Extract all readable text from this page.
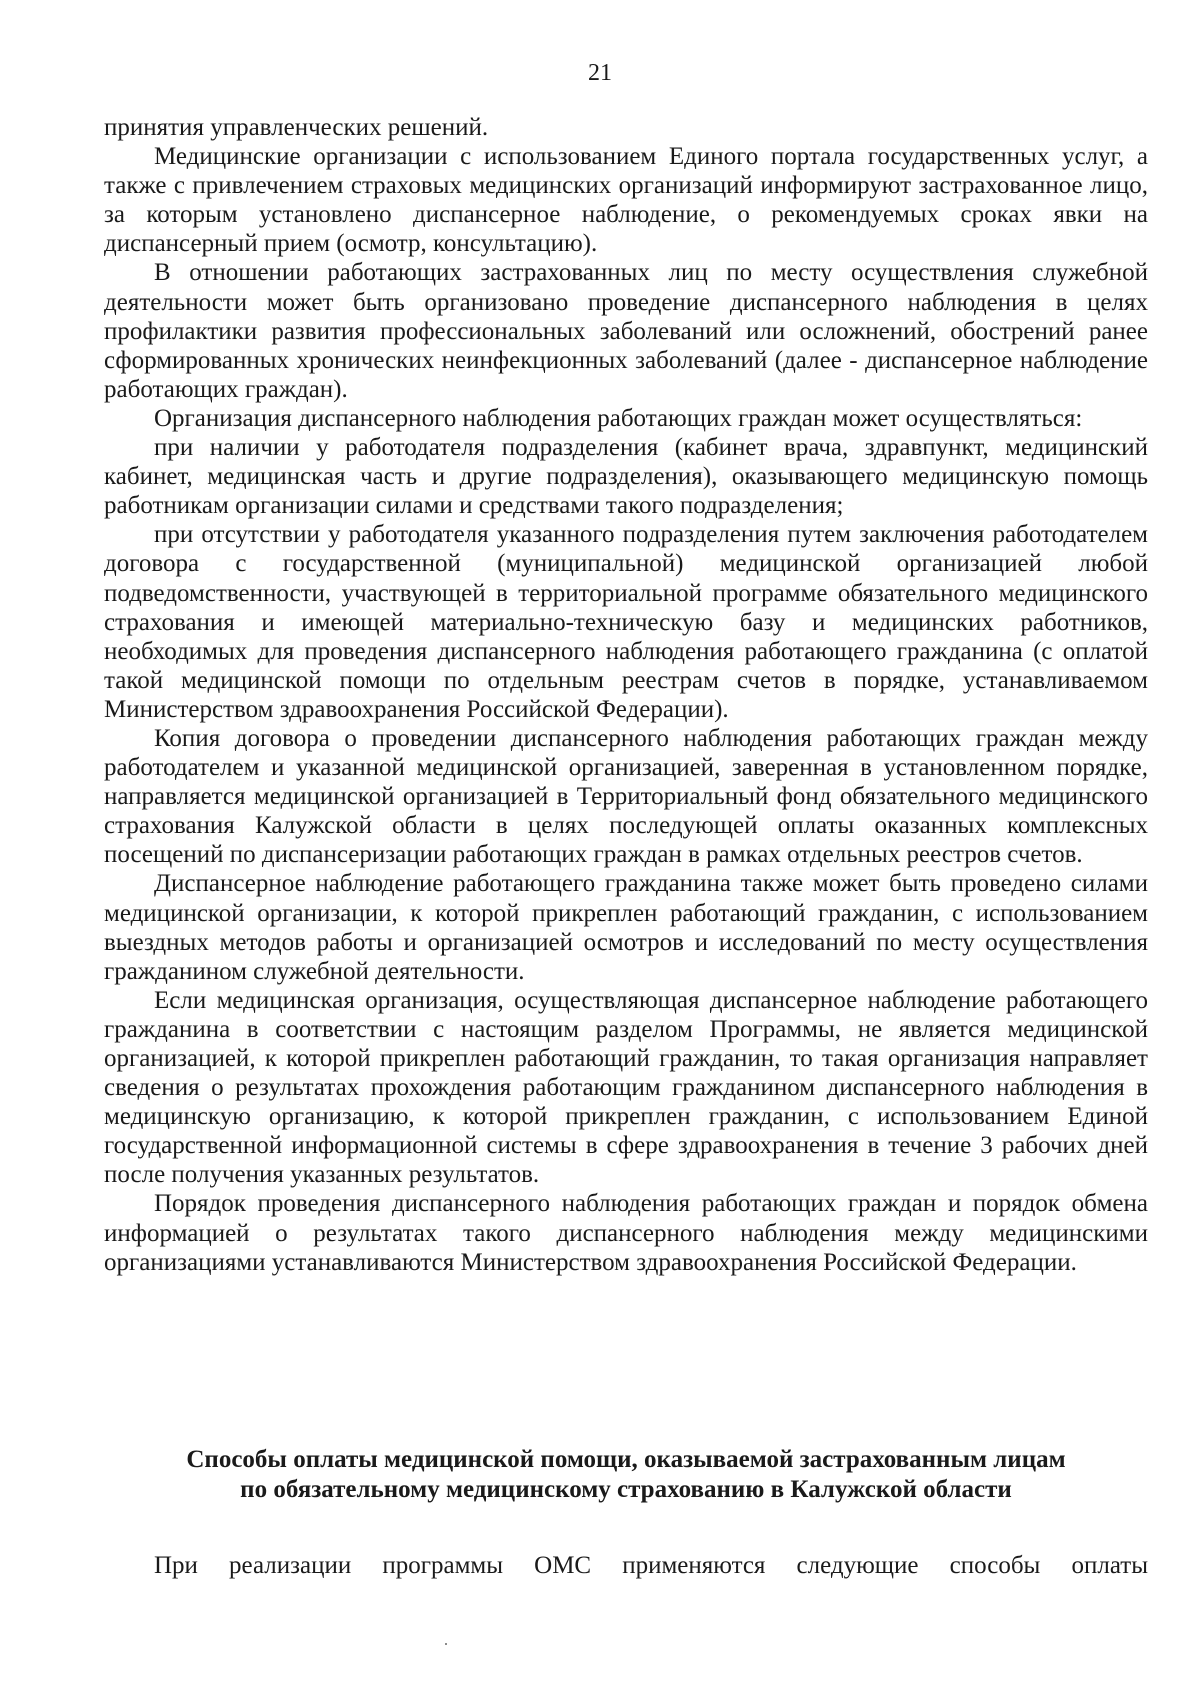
21

принятия управленческих решений.

Медицинские организации с использованием Единого портала государственных услуг, а также с привлечением страховых медицинских организаций информируют застрахованное лицо, за которым установлено диспансерное наблюдение, о рекомендуемых сроках явки на диспансерный прием (осмотр, консультацию).

В отношении работающих застрахованных лиц по месту осуществления служебной деятельности может быть организовано проведение диспансерного наблюдения в целях профилактики развития профессиональных заболеваний или осложнений, обострений ранее сформированных хронических неинфекционных заболеваний (далее - диспансерное наблюдение работающих граждан).

Организация диспансерного наблюдения работающих граждан может осуществляться:

при наличии у работодателя подразделения (кабинет врача, здравпункт, медицинский кабинет, медицинская часть и другие подразделения), оказывающего медицинскую помощь работникам организации силами и средствами такого подразделения;

при отсутствии у работодателя указанного подразделения путем заключения работодателем договора с государственной (муниципальной) медицинской организацией любой подведомственности, участвующей в территориальной программе обязательного медицинского страхования и имеющей материально-техническую базу и медицинских работников, необходимых для проведения диспансерного наблюдения работающего гражданина (с оплатой такой медицинской помощи по отдельным реестрам счетов в порядке, устанавливаемом Министерством здравоохранения Российской Федерации).

Копия договора о проведении диспансерного наблюдения работающих граждан между работодателем и указанной медицинской организацией, заверенная в установленном порядке, направляется медицинской организацией в Территориальный фонд обязательного медицинского страхования Калужской области в целях последующей оплаты оказанных комплексных посещений по диспансеризации работающих граждан в рамках отдельных реестров счетов.

Диспансерное наблюдение работающего гражданина также может быть проведено силами медицинской организации, к которой прикреплен работающий гражданин, с использованием выездных методов работы и организацией осмотров и исследований по месту осуществления гражданином служебной деятельности.

Если медицинская организация, осуществляющая диспансерное наблюдение работающего гражданина в соответствии с настоящим разделом Программы, не является медицинской организацией, к которой прикреплен работающий гражданин, то такая организация направляет сведения о результатах прохождения работающим гражданином диспансерного наблюдения в медицинскую организацию, к которой прикреплен гражданин, с использованием Единой государственной информационной системы в сфере здравоохранения в течение 3 рабочих дней после получения указанных результатов.

Порядок проведения диспансерного наблюдения работающих граждан и порядок обмена информацией о результатах такого диспансерного наблюдения между медицинскими организациями устанавливаются Министерством здравоохранения Российской Федерации.

Способы оплаты медицинской помощи, оказываемой застрахованным лицам
по обязательному медицинскому страхованию в Калужской области

При реализации программы ОМС применяются следующие способы оплаты
